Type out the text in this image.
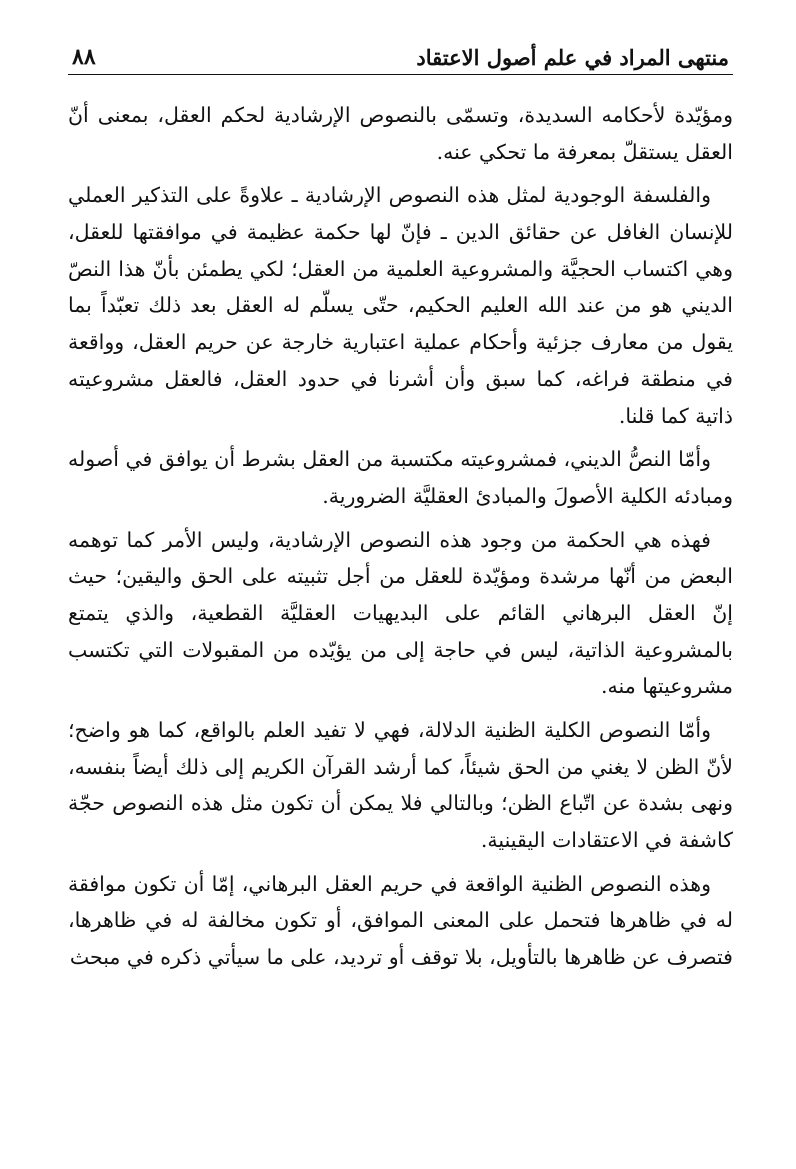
منتهى المراد في علم أصول الاعتقاد
٨٨

ومؤيّدة لأحكامه السديدة، وتسمّى بالنصوص الإرشادية لحكم العقل، بمعنى أنّ العقل يستقلّ بمعرفة ما تحكي عنه.

والفلسفة الوجودية لمثل هذه النصوص الإرشادية ـ علاوةً على التذكير العملي للإنسان الغافل عن حقائق الدين ـ فإنّ لها حكمة عظيمة في موافقتها للعقل، وهي اكتساب الحجيَّة والمشروعية العلمية من العقل؛ لكي يطمئن بأنّ هذا النصّ الديني هو من عند الله العليم الحكيم، حتّى يسلّم له العقل بعد ذلك تعبّداً بما يقول من معارف جزئية وأحكام عملية اعتبارية خارجة عن حريم العقل، وواقعة في منطقة فراغه، كما سبق وأن أشرنا في حدود العقل، فالعقل مشروعيته ذاتية كما قلنا.

وأمّا النصُّ الديني، فمشروعيته مكتسبة من العقل بشرط أن يوافق في أصوله ومبادئه الكلية الأصولَ والمبادئ العقليَّة الضرورية.

فهذه هي الحكمة من وجود هذه النصوص الإرشادية، وليس الأمر كما توهمه البعض من أنّها مرشدة ومؤيّدة للعقل من أجل تثبيته على الحق واليقين؛ حيث إنّ العقل البرهاني القائم على البديهيات العقليَّة القطعية، والذي يتمتع بالمشروعية الذاتية، ليس في حاجة إلى من يؤيّده من المقبولات التي تكتسب مشروعيتها منه.

وأمّا النصوص الكلية الظنية الدلالة، فهي لا تفيد العلم بالواقع، كما هو واضح؛ لأنّ الظن لا يغني من الحق شيئاً، كما أرشد القرآن الكريم إلى ذلك أيضاً بنفسه، ونهى بشدة عن اتّباع الظن؛ وبالتالي فلا يمكن أن تكون مثل هذه النصوص حجّة كاشفة في الاعتقادات اليقينية.

وهذه النصوص الظنية الواقعة في حريم العقل البرهاني، إمّا أن تكون موافقة له في ظاهرها فتحمل على المعنى الموافق، أو تكون مخالفة له في ظاهرها، فتصرف عن ظاهرها بالتأويل، بلا توقف أو ترديد، على ما سيأتي ذكره في مبحث
